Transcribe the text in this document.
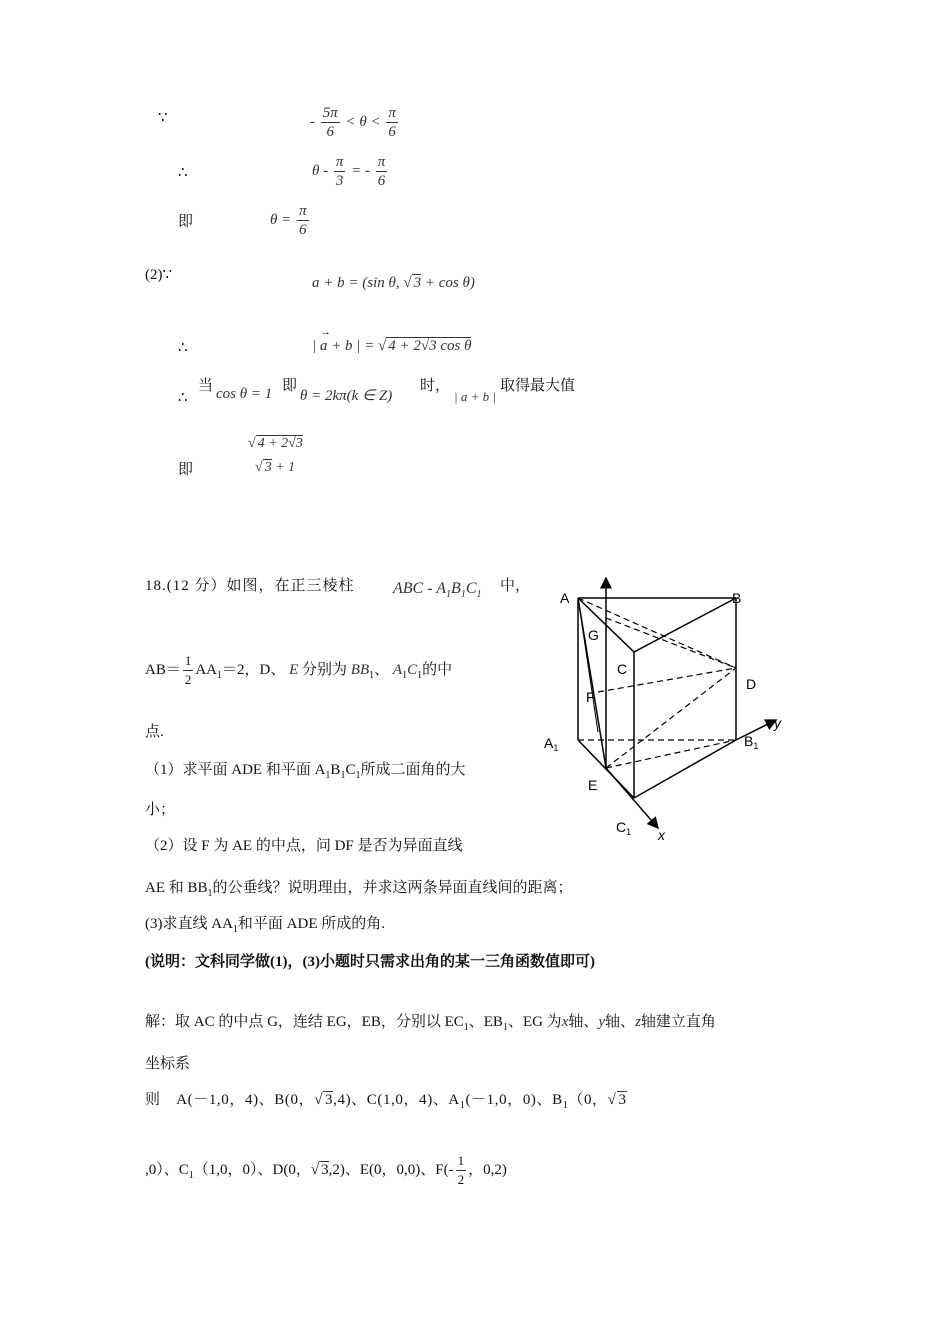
∵	- $\frac{5\pi}{6} < \theta < \frac{\pi}{6}$
∴	θ - $\frac{\pi}{3}$ = - $\frac{\pi}{6}$
即	$\theta = \frac{\pi}{6}$
(2)∵	a + b = (sin θ, √ 3 + cos θ)
∴
→
| a + b | = √ 4 + 2√3 cos θ
∴
当 cos θ = 1 即
θ = 2kπ(k ∈ Z)
时，
| a + b |
取得最大值
即
√ 4 + 2√3
√ 3 + 1
18.(12 分）如图，在正三棱柱 ABC - $A_1B_1C_1$
中，
$AB= \frac{1}{2} AA_1=2$，D、 E 分别为 $BB_1$、 $A_1C_1$的中
点.
（1）求平面 ADE 和平面 $A_1B_1C_1$所成二面角的大
小；
（2）设 F 为 AE 的中点，问 DF 是否为异面直线
AE 和 $BB_1$的公垂线？说明理由，并求这两条异面直线间的距离；
(3)求直线 $AA_1$和平面 ADE 所成的角.
(说明：文科同学做(1)，(3)小题时只需求出角的某一三角函数值即可)
解：取 AC 的中点 G，连结 EG，EB，分别以 $EC_1$、$EB_1$、EG 为x轴、y轴、z轴建立直角
坐标系
则　A(－1,0，4)、B(0，√ 3,4)、C(1,0，4)、$A_1(-1,0$，0)、$B_1(0$，√ 3
,0）、$C_1(1,0$，0）、D(0，√ 3,2)、E(0，0,0)、$F(- \frac{1}{2}$ ，0,2)
A	B
G
C
D
F
$A_1$	$B_1$
E
$C_1$ x
y
